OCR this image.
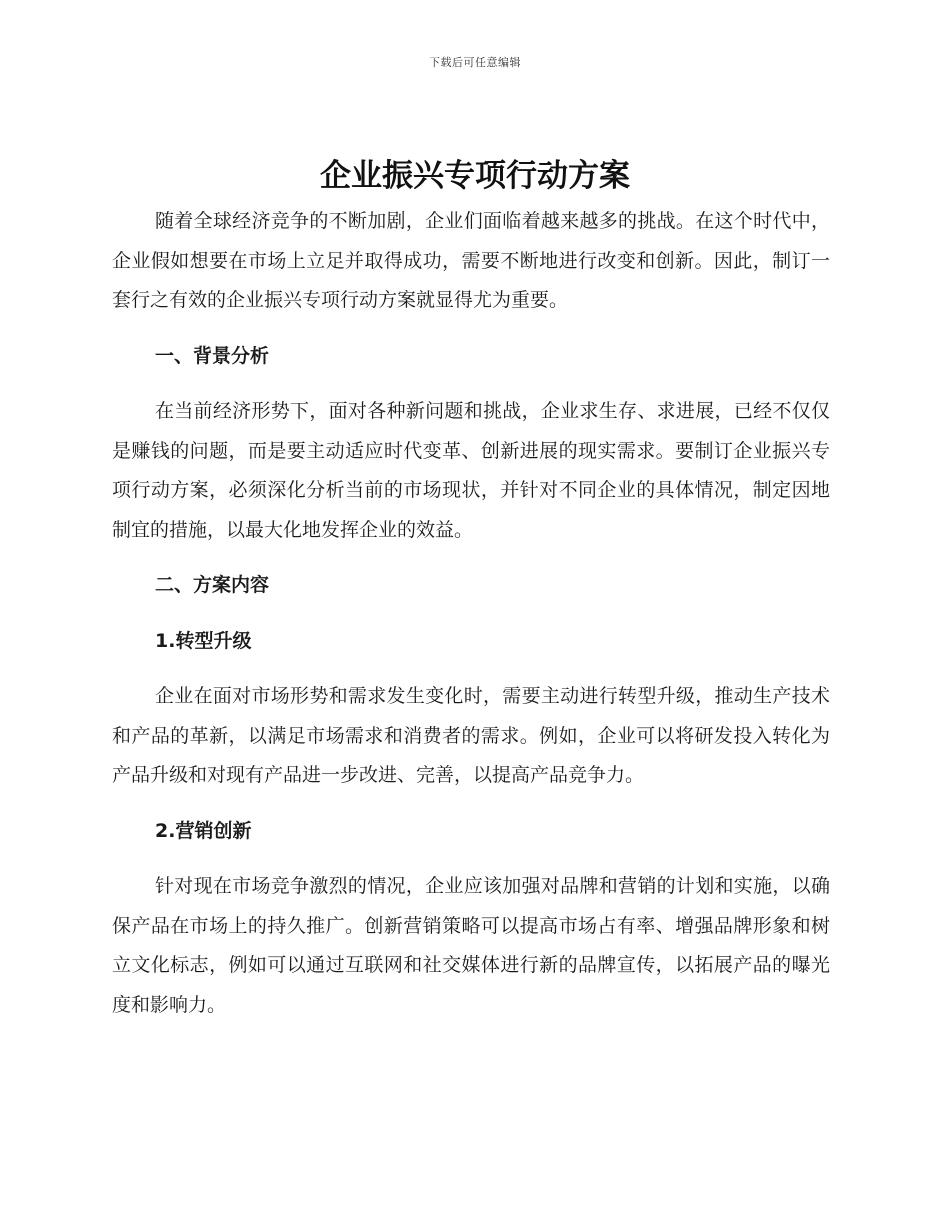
下载后可任意编辑
企业振兴专项行动方案

随着全球经济竞争的不断加剧，企业们面临着越来越多的挑战。在这个时代中，企业假如想要在市场上立足并取得成功，需要不断地进行改变和创新。因此，制订一套行之有效的企业振兴专项行动方案就显得尤为重要。

一、背景分析

在当前经济形势下，面对各种新问题和挑战，企业求生存、求进展，已经不仅仅是赚钱的问题，而是要主动适应时代变革、创新进展的现实需求。要制订企业振兴专项行动方案，必须深化分析当前的市场现状，并针对不同企业的具体情况，制定因地制宜的措施，以最大化地发挥企业的效益。

二、方案内容
1.转型升级

企业在面对市场形势和需求发生变化时，需要主动进行转型升级，推动生产技术和产品的革新，以满足市场需求和消费者的需求。例如，企业可以将研发投入转化为产品升级和对现有产品进一步改进、完善，以提高产品竞争力。

2.营销创新

针对现在市场竞争激烈的情况，企业应该加强对品牌和营销的计划和实施，以确保产品在市场上的持久推广。创新营销策略可以提高市场占有率、增强品牌形象和树立文化标志，例如可以通过互联网和社交媒体进行新的品牌宣传，以拓展产品的曝光度和影响力。
